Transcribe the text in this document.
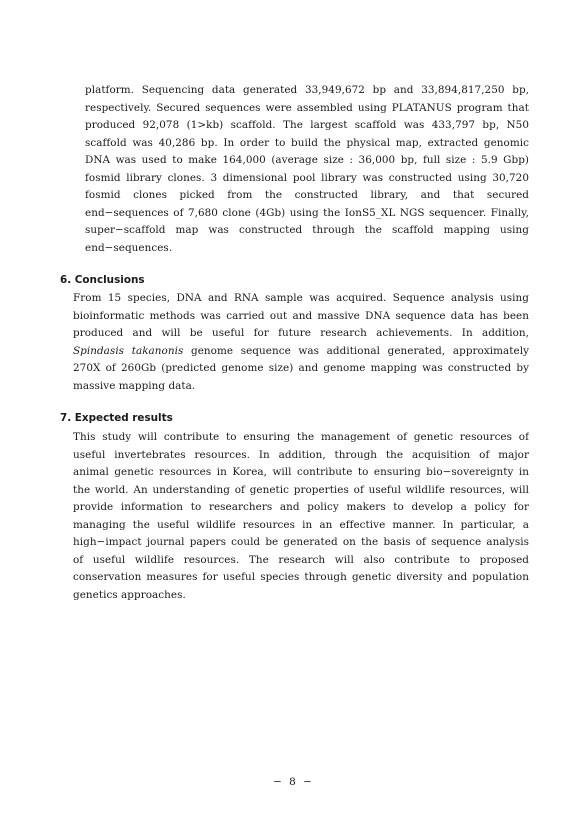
platform. Sequencing data generated 33,949,672 bp and 33,894,817,250 bp,
respectively. Secured sequences were assembled using PLATANUS program that
produced 92,078 (1>kb) scaffold. The largest scaffold was 433,797 bp, N50
scaffold was 40,286 bp. In order to build the physical map, extracted genomic
DNA was used to make 164,000 (average size : 36,000 bp, full size : 5.9 Gbp)
fosmid library clones. 3 dimensional pool library was constructed using 30,720
fosmid clones picked from the constructed library, and that secured
end−sequences of 7,680 clone (4Gb) using the IonS5_XL NGS sequencer. Finally,
super−scaffold map was constructed through the scaffold mapping using
end−sequences.
6. Conclusions
From 15 species, DNA and RNA sample was acquired. Sequence analysis using
bioinformatic methods was carried out and massive DNA sequence data has been
produced and will be useful for future research achievements. In addition,
Spindasis takanonis genome sequence was additional generated, approximately
270X of 260Gb (predicted genome size) and genome mapping was constructed by
massive mapping data.
7. Expected results
This study will contribute to ensuring the management of genetic resources of
useful invertebrates resources. In addition, through the acquisition of major
animal genetic resources in Korea, will contribute to ensuring bio−sovereignty in
the world. An understanding of genetic properties of useful wildlife resources, will
provide information to researchers and policy makers to develop a policy for
managing the useful wildlife resources in an effective manner. In particular, a
high−impact journal papers could be generated on the basis of sequence analysis
of useful wildlife resources. The research will also contribute to proposed
conservation measures for useful species through genetic diversity and population
genetics approaches.
− 8 −
